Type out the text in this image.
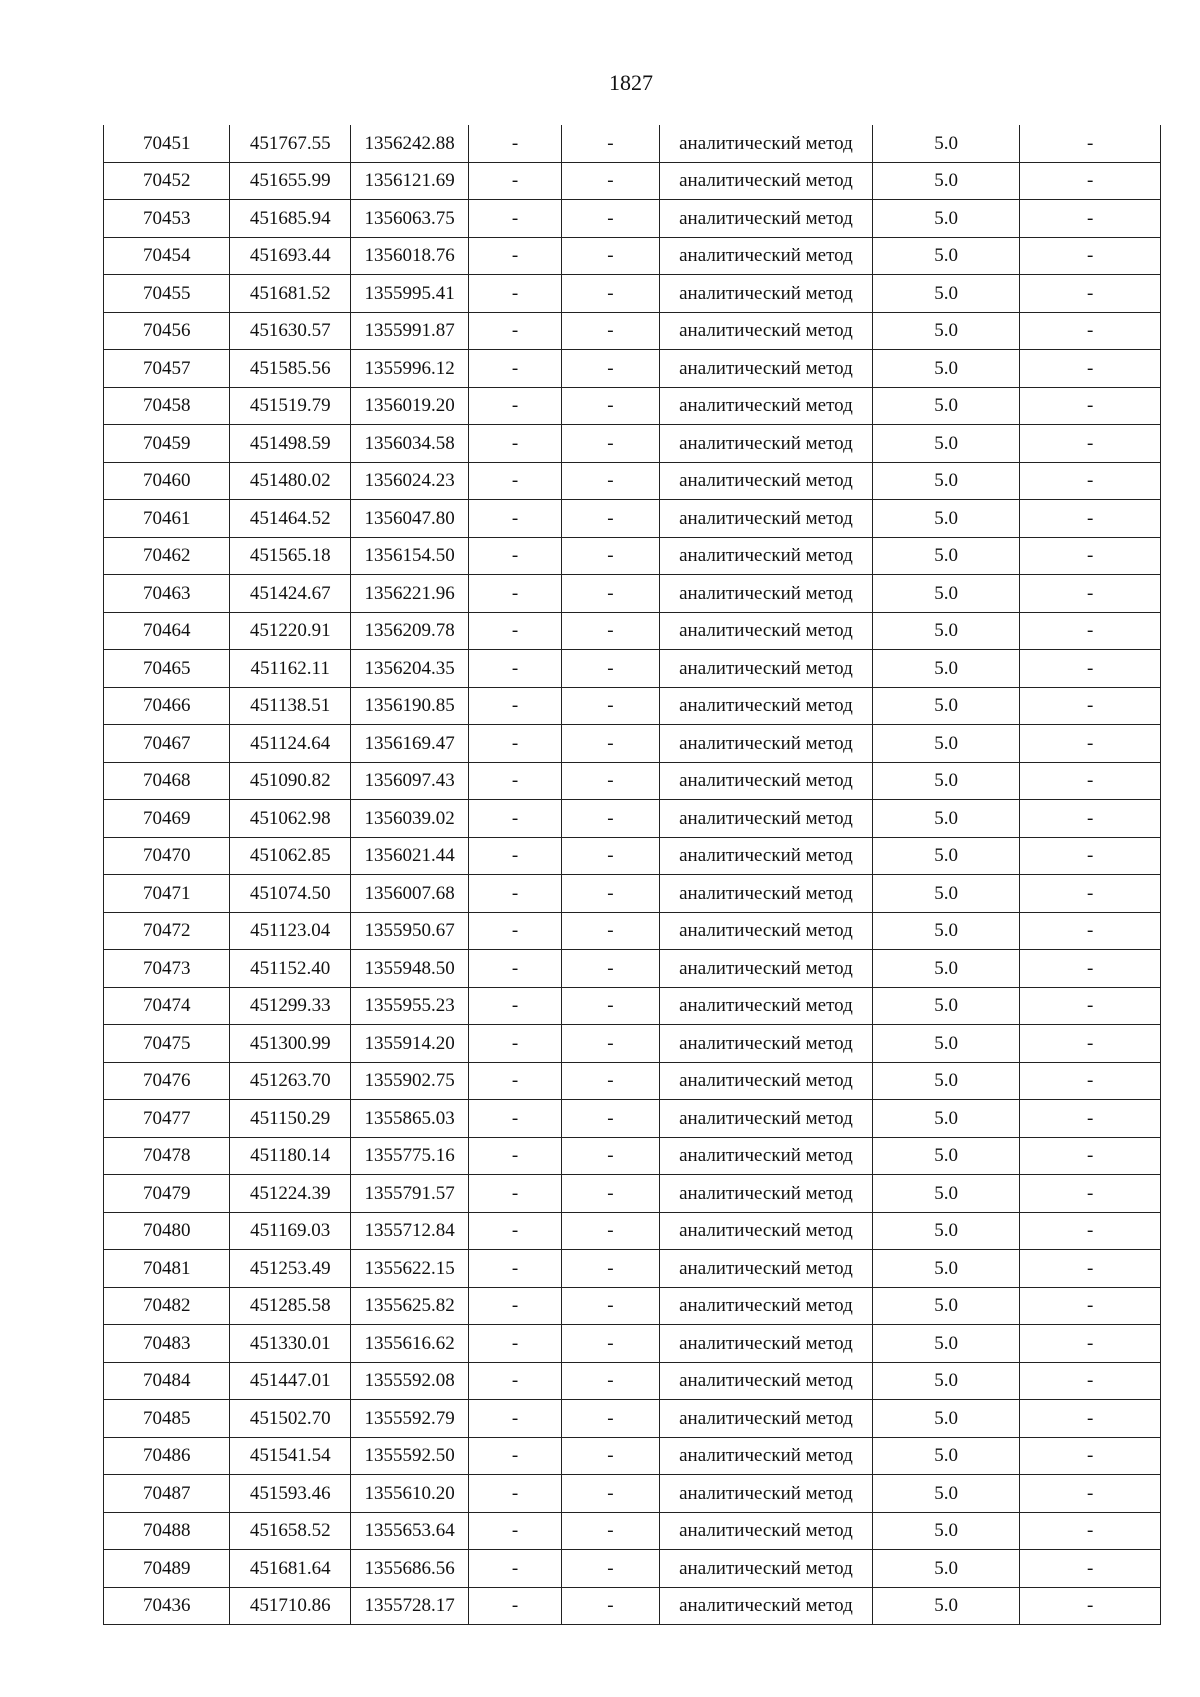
1827
70451	451767.55	1356242.88	-	-	аналитический метод	5.0	-
70452	451655.99	1356121.69	-	-	аналитический метод	5.0	-
70453	451685.94	1356063.75	-	-	аналитический метод	5.0	-
70454	451693.44	1356018.76	-	-	аналитический метод	5.0	-
70455	451681.52	1355995.41	-	-	аналитический метод	5.0	-
70456	451630.57	1355991.87	-	-	аналитический метод	5.0	-
70457	451585.56	1355996.12	-	-	аналитический метод	5.0	-
70458	451519.79	1356019.20	-	-	аналитический метод	5.0	-
70459	451498.59	1356034.58	-	-	аналитический метод	5.0	-
70460	451480.02	1356024.23	-	-	аналитический метод	5.0	-
70461	451464.52	1356047.80	-	-	аналитический метод	5.0	-
70462	451565.18	1356154.50	-	-	аналитический метод	5.0	-
70463	451424.67	1356221.96	-	-	аналитический метод	5.0	-
70464	451220.91	1356209.78	-	-	аналитический метод	5.0	-
70465	451162.11	1356204.35	-	-	аналитический метод	5.0	-
70466	451138.51	1356190.85	-	-	аналитический метод	5.0	-
70467	451124.64	1356169.47	-	-	аналитический метод	5.0	-
70468	451090.82	1356097.43	-	-	аналитический метод	5.0	-
70469	451062.98	1356039.02	-	-	аналитический метод	5.0	-
70470	451062.85	1356021.44	-	-	аналитический метод	5.0	-
70471	451074.50	1356007.68	-	-	аналитический метод	5.0	-
70472	451123.04	1355950.67	-	-	аналитический метод	5.0	-
70473	451152.40	1355948.50	-	-	аналитический метод	5.0	-
70474	451299.33	1355955.23	-	-	аналитический метод	5.0	-
70475	451300.99	1355914.20	-	-	аналитический метод	5.0	-
70476	451263.70	1355902.75	-	-	аналитический метод	5.0	-
70477	451150.29	1355865.03	-	-	аналитический метод	5.0	-
70478	451180.14	1355775.16	-	-	аналитический метод	5.0	-
70479	451224.39	1355791.57	-	-	аналитический метод	5.0	-
70480	451169.03	1355712.84	-	-	аналитический метод	5.0	-
70481	451253.49	1355622.15	-	-	аналитический метод	5.0	-
70482	451285.58	1355625.82	-	-	аналитический метод	5.0	-
70483	451330.01	1355616.62	-	-	аналитический метод	5.0	-
70484	451447.01	1355592.08	-	-	аналитический метод	5.0	-
70485	451502.70	1355592.79	-	-	аналитический метод	5.0	-
70486	451541.54	1355592.50	-	-	аналитический метод	5.0	-
70487	451593.46	1355610.20	-	-	аналитический метод	5.0	-
70488	451658.52	1355653.64	-	-	аналитический метод	5.0	-
70489	451681.64	1355686.56	-	-	аналитический метод	5.0	-
70436	451710.86	1355728.17	-	-	аналитический метод	5.0	-
